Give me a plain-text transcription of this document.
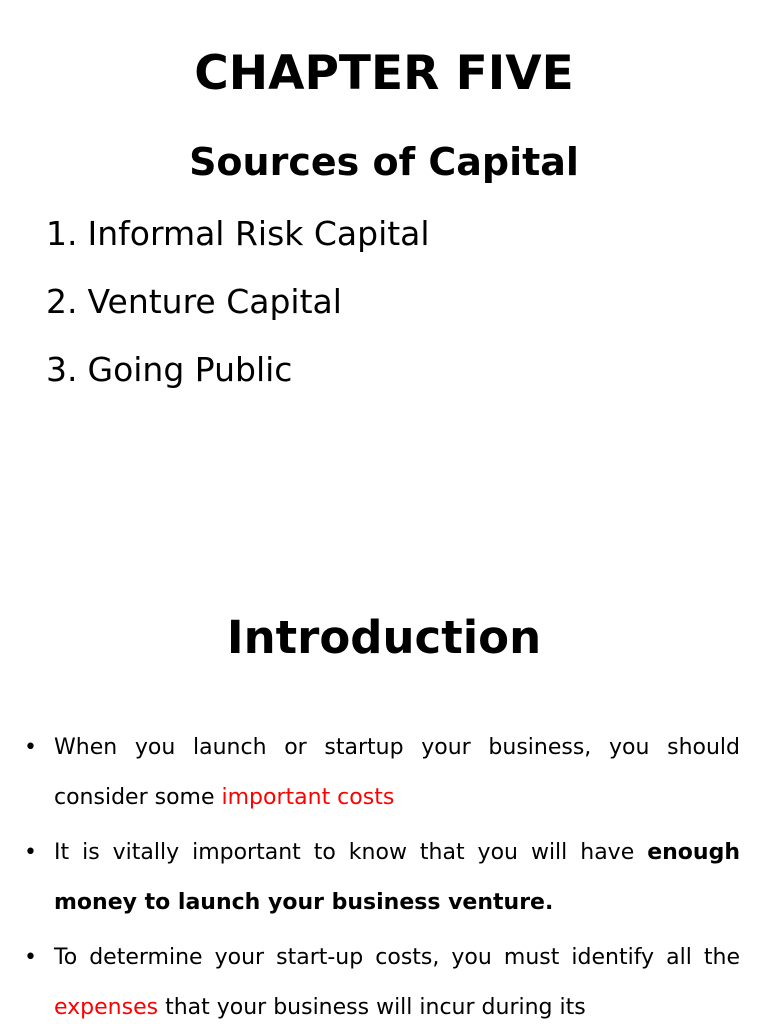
CHAPTER FIVE
Sources of Capital
1. Informal Risk Capital
2. Venture Capital
3. Going Public
Introduction
• When you launch or startup your business, you should consider some important costs
• It is vitally important to know that you will have enough money to launch your business venture.
• To determine your start-up costs, you must identify all the expenses that your business will incur during its
